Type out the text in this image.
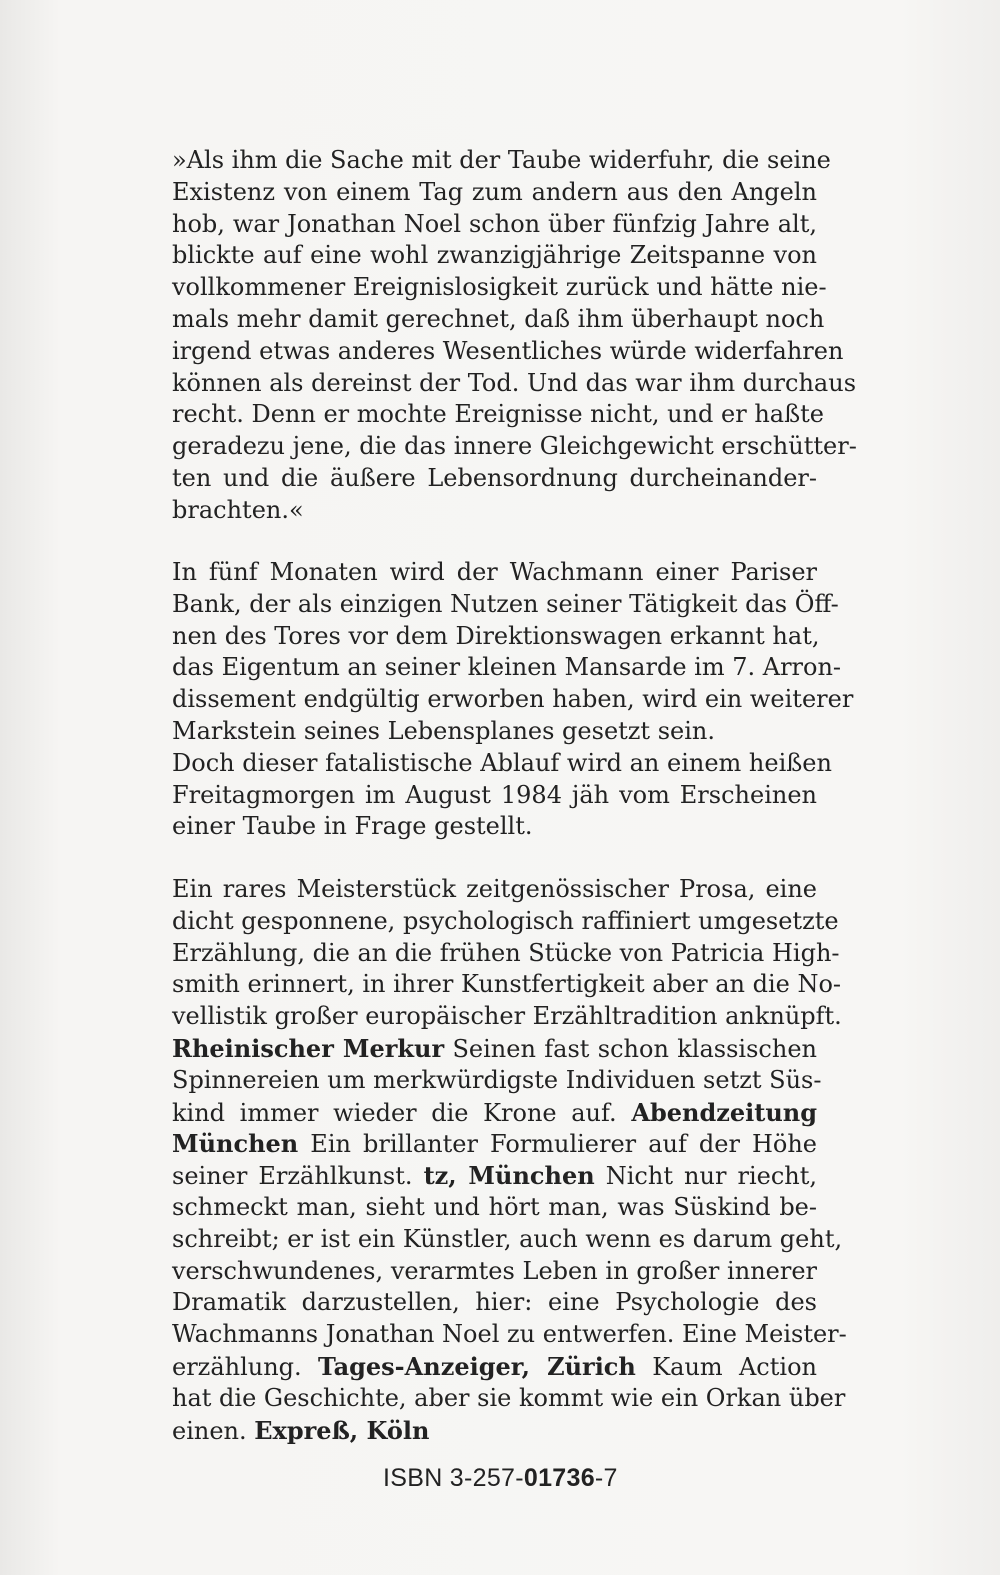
»Als ihm die Sache mit der Taube widerfuhr, die seine
Existenz von einem Tag zum andern aus den Angeln
hob, war Jonathan Noel schon über fünfzig Jahre alt,
blickte auf eine wohl zwanzigjährige Zeitspanne von
vollkommener Ereignislosigkeit zurück und hätte nie-
mals mehr damit gerechnet, daß ihm überhaupt noch
irgend etwas anderes Wesentliches würde widerfahren
können als dereinst der Tod. Und das war ihm durchaus
recht. Denn er mochte Ereignisse nicht, und er haßte
geradezu jene, die das innere Gleichgewicht erschütter-
ten und die äußere Lebensordnung durcheinander-
brachten.«
In fünf Monaten wird der Wachmann einer Pariser
Bank, der als einzigen Nutzen seiner Tätigkeit das Öff-
nen des Tores vor dem Direktionswagen erkannt hat,
das Eigentum an seiner kleinen Mansarde im 7. Arron-
dissement endgültig erworben haben, wird ein weiterer
Markstein seines Lebensplanes gesetzt sein.
Doch dieser fatalistische Ablauf wird an einem heißen
Freitagmorgen im August 1984 jäh vom Erscheinen
einer Taube in Frage gestellt.
Ein rares Meisterstück zeitgenössischer Prosa, eine
dicht gesponnene, psychologisch raffiniert umgesetzte
Erzählung, die an die frühen Stücke von Patricia High-
smith erinnert, in ihrer Kunstfertigkeit aber an die No-
vellistik großer europäischer Erzähltradition anknüpft.
Rheinischer Merkur Seinen fast schon klassischen
Spinnereien um merkwürdigste Individuen setzt Süs-
kind immer wieder die Krone auf. Abendzeitung
München Ein brillanter Formulierer auf der Höhe
seiner Erzählkunst. tz, München Nicht nur riecht,
schmeckt man, sieht und hört man, was Süskind be-
schreibt; er ist ein Künstler, auch wenn es darum geht,
verschwundenes, verarmtes Leben in großer innerer
Dramatik darzustellen, hier: eine Psychologie des
Wachmanns Jonathan Noel zu entwerfen. Eine Meister-
erzählung. Tages-Anzeiger, Zürich Kaum Action
hat die Geschichte, aber sie kommt wie ein Orkan über
einen. Expreß, Köln
ISBN 3-257-01736-7
